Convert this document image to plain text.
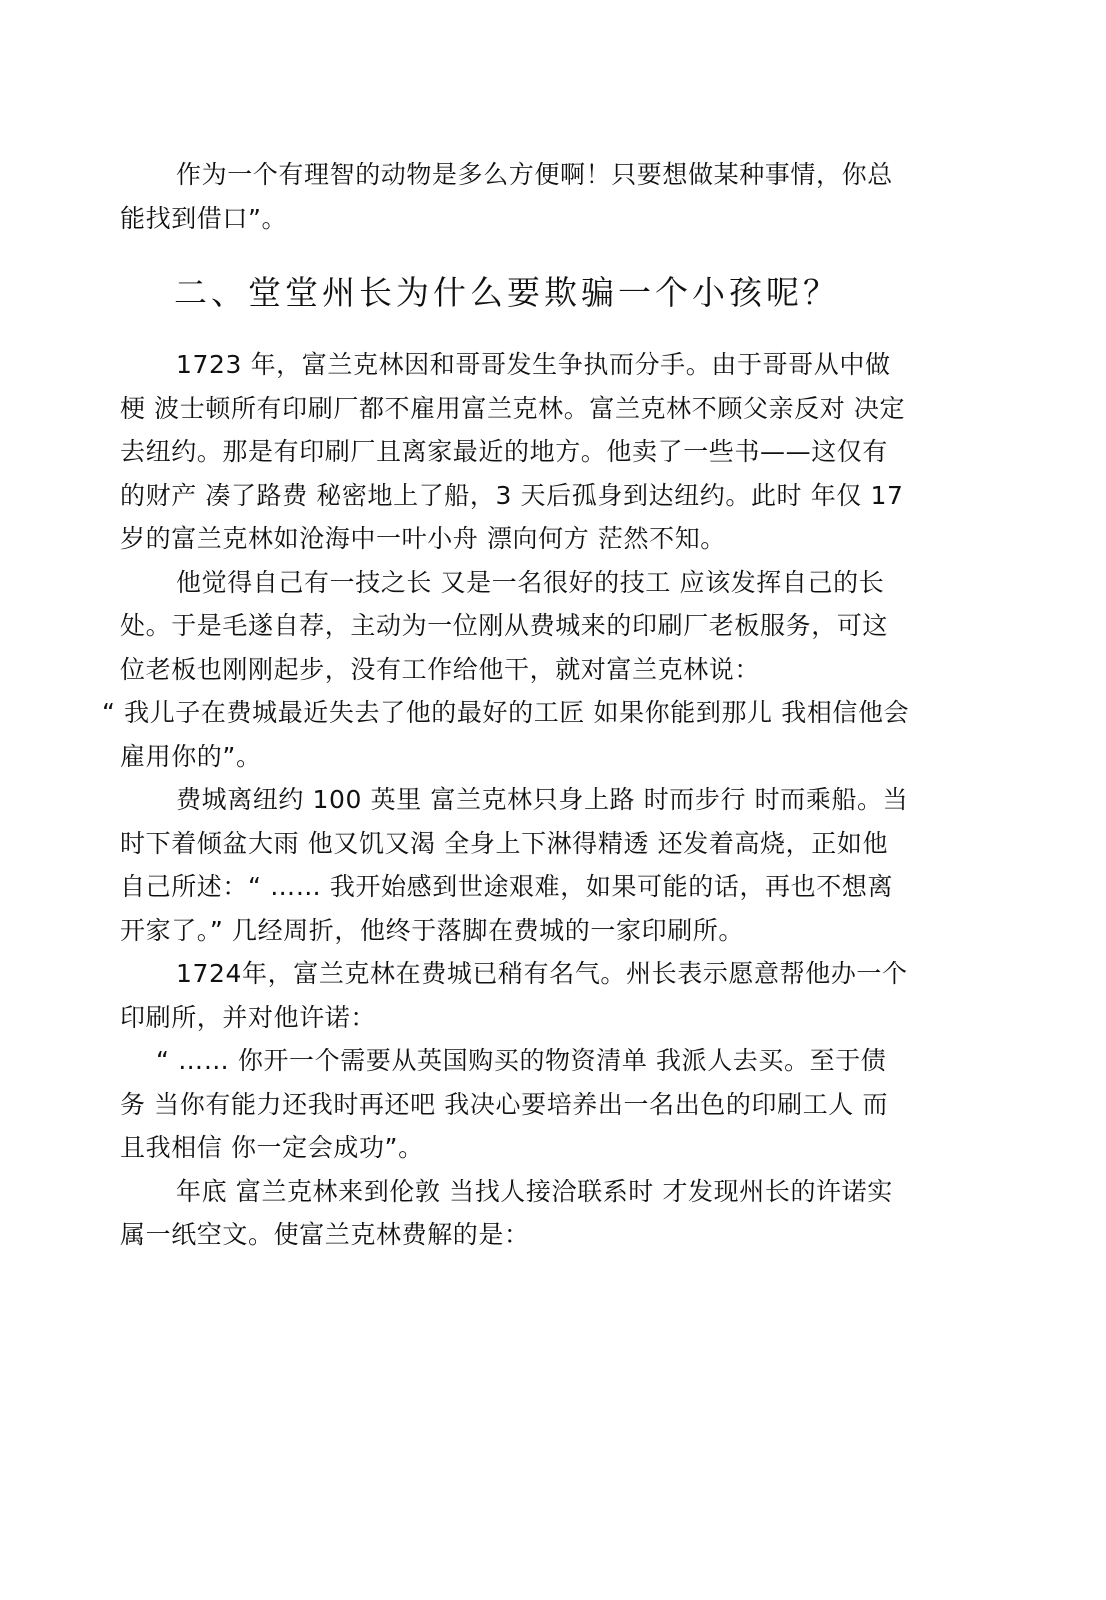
作为一个有理智的动物是多么方便啊！只要想做某种事情，你总能找到借口”。

二、堂堂州长为什么要欺骗一个小孩呢？

1723 年，富兰克林因和哥哥发生争执而分手。由于哥哥从中做梗 波士顿所有印刷厂都不雇用富兰克林。富兰克林不顾父亲反对 决定去纽约。那是有印刷厂且离家最近的地方。他卖了一些书——这仅有的财产 凑了路费 秘密地上了船，3 天后孤身到达纽约。此时 年仅 17 岁的富兰克林如沧海中一叶小舟 漂向何方 茫然不知。

他觉得自己有一技之长 又是一名很好的技工 应该发挥自己的长处。于是毛遂自荐，主动为一位刚从费城来的印刷厂老板服务，可这位老板也刚刚起步，没有工作给他干，就对富兰克林说：

“ 我儿子在费城最近失去了他的最好的工匠 如果你能到那儿 我相信他会雇用你的”。

费城离纽约 100 英里 富兰克林只身上路 时而步行 时而乘船。当时下着倾盆大雨 他又饥又渴 全身上下淋得精透 还发着高烧，正如他自己所述：“ …… 我开始感到世途艰难，如果可能的话，再也不想离开家了。” 几经周折，他终于落脚在费城的一家印刷所。

1724年，富兰克林在费城已稍有名气。州长表示愿意帮他办一个印刷所，并对他许诺：

“ …… 你开一个需要从英国购买的物资清单 我派人去买。至于债务 当你有能力还我时再还吧 我决心要培养出一名出色的印刷工人 而且我相信 你一定会成功”。

年底 富兰克林来到伦敦 当找人接洽联系时 才发现州长的许诺实属一纸空文。使富兰克林费解的是：
